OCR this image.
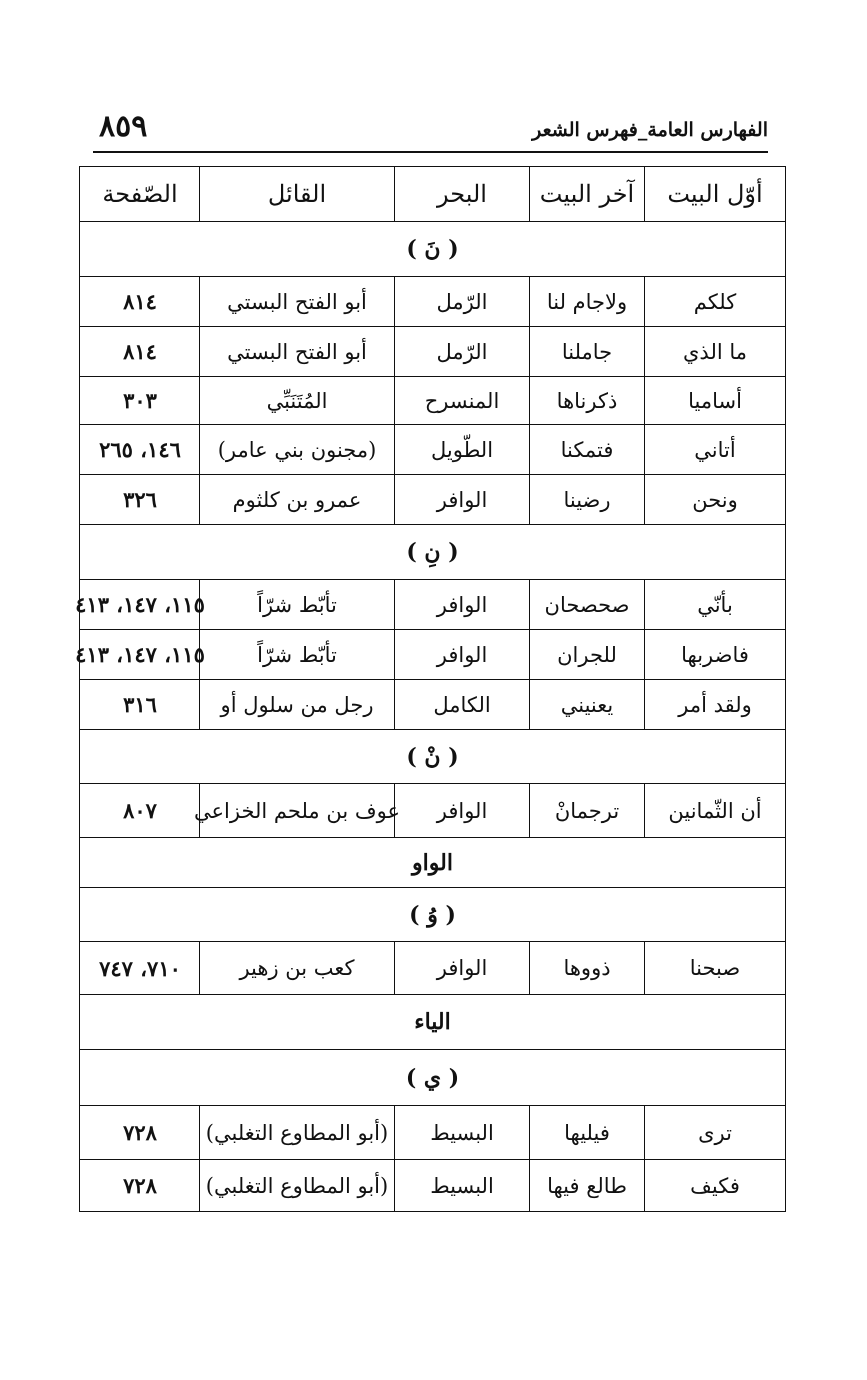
٨٥٩	الفهارس العامة_فهرس الشعر
أوّل البيت
آخر البيت
البحر
القائل
الصّفحة
( نَ )
كلكم
ولاجام لنا
الرّمل
أبو الفتح البستي
٨١٤
ما الذي
جاملنا
الرّمل
أبو الفتح البستي
٨١٤
أساميا
ذكرناها
المنسرح
المُتَنَبِّي
٣٠٣
أتاني
فتمكنا
الطّويل
(مجنون بني عامر)
١٤٦، ٢٦٥
ونحن
رضينا
الوافر
عمرو بن كلثوم
٣٢٦
( نِ )
بأنّي
صحصحان
الوافر
تأبّط شرّاً
١١٥، ١٤٧، ٤١٣
فاضربها
للجران
الوافر
تأبّط شرّاً
١١٥، ١٤٧، ٤١٣
ولقد أمر
يعنيني
الكامل
رجل من سلول أو
٣١٦
( نْ )
أن الثّمانين
ترجمانْ
الوافر
عوف بن ملحم الخزاعي
٨٠٧
الواو
( وُ )
صبحنا
ذووها
الوافر
كعب بن زهير
٧١٠، ٧٤٧
الياء
( ي )
ترى
فيليها
البسيط
(أبو المطاوع التغلبي)
٧٢٨
فكيف
طالع فيها
البسيط
(أبو المطاوع التغلبي)
٧٢٨
